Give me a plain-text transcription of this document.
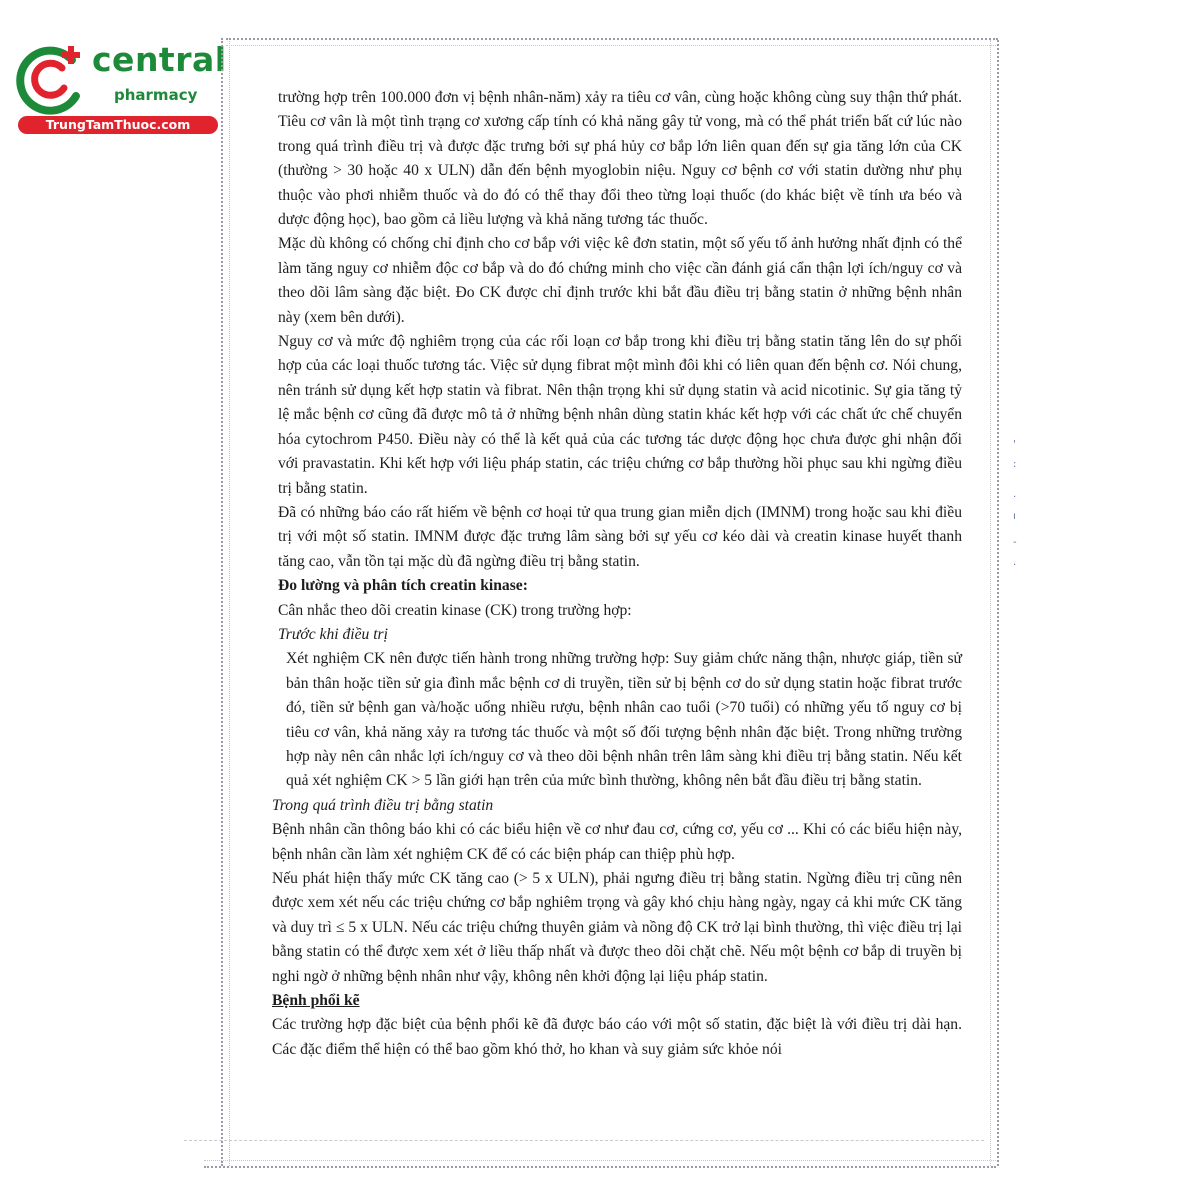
central
pharmacy
TrungTamThuoc.com
'
:
.
ı
-
.

trường hợp trên 100.000 đơn vị bệnh nhân-năm) xảy ra tiêu cơ vân, cùng hoặc không cùng suy thận thứ phát. Tiêu cơ vân là một tình trạng cơ xương cấp tính có khả năng gây tử vong, mà có thể phát triển bất cứ lúc nào trong quá trình điều trị và được đặc trưng bởi sự phá hủy cơ bắp lớn liên quan đến sự gia tăng lớn của CK (thường > 30 hoặc 40 x ULN) dẫn đến bệnh myoglobin niệu. Nguy cơ bệnh cơ với statin dường như phụ thuộc vào phơi nhiễm thuốc và do đó có thể thay đổi theo từng loại thuốc (do khác biệt về tính ưa béo và dược động học), bao gồm cả liều lượng và khả năng tương tác thuốc.

Mặc dù không có chống chỉ định cho cơ bắp với việc kê đơn statin, một số yếu tố ảnh hưởng nhất định có thể làm tăng nguy cơ nhiễm độc cơ bắp và do đó chứng minh cho việc cần đánh giá cẩn thận lợi ích/nguy cơ và theo dõi lâm sàng đặc biệt. Đo CK được chỉ định trước khi bắt đầu điều trị bằng statin ở những bệnh nhân này (xem bên dưới).

Nguy cơ và mức độ nghiêm trọng của các rối loạn cơ bắp trong khi điều trị bằng statin tăng lên do sự phối hợp của các loại thuốc tương tác. Việc sử dụng fibrat một mình đôi khi có liên quan đến bệnh cơ. Nói chung, nên tránh sử dụng kết hợp statin và fibrat. Nên thận trọng khi sử dụng statin và acid nicotinic. Sự gia tăng tỷ lệ mắc bệnh cơ cũng đã được mô tả ở những bệnh nhân dùng statin khác kết hợp với các chất ức chế chuyển hóa cytochrom P450. Điều này có thể là kết quả của các tương tác dược động học chưa được ghi nhận đối với pravastatin. Khi kết hợp với liệu pháp statin, các triệu chứng cơ bắp thường hồi phục sau khi ngừng điều trị bằng statin.

Đã có những báo cáo rất hiếm về bệnh cơ hoại tử qua trung gian miễn dịch (IMNM) trong hoặc sau khi điều trị với một số statin. IMNM được đặc trưng lâm sàng bởi sự yếu cơ kéo dài và creatin kinase huyết thanh tăng cao, vẫn tồn tại mặc dù đã ngừng điều trị bằng statin.

Đo lường và phân tích creatin kinase:

Cân nhắc theo dõi creatin kinase (CK) trong trường hợp:

Trước khi điều trị

Xét nghiệm CK nên được tiến hành trong những trường hợp: Suy giảm chức năng thận, nhược giáp, tiền sử bản thân hoặc tiền sử gia đình mắc bệnh cơ di truyền, tiền sử bị bệnh cơ do sử dụng statin hoặc fibrat trước đó, tiền sử bệnh gan và/hoặc uống nhiều rượu, bệnh nhân cao tuổi (>70 tuổi) có những yếu tố nguy cơ bị tiêu cơ vân, khả năng xảy ra tương tác thuốc và một số đối tượng bệnh nhân đặc biệt. Trong những trường hợp này nên cân nhắc lợi ích/nguy cơ và theo dõi bệnh nhân trên lâm sàng khi điều trị bằng statin. Nếu kết quả xét nghiệm CK > 5 lần giới hạn trên của mức bình thường, không nên bắt đầu điều trị bằng statin.

Trong quá trình điều trị bằng statin

Bệnh nhân cần thông báo khi có các biểu hiện về cơ như đau cơ, cứng cơ, yếu cơ ... Khi có các biểu hiện này, bệnh nhân cần làm xét nghiệm CK để có các biện pháp can thiệp phù hợp.

Nếu phát hiện thấy mức CK tăng cao (> 5 x ULN), phải ngưng điều trị bằng statin. Ngừng điều trị cũng nên được xem xét nếu các triệu chứng cơ bắp nghiêm trọng và gây khó chịu hàng ngày, ngay cả khi mức CK tăng và duy trì ≤ 5 x ULN. Nếu các triệu chứng thuyên giảm và nồng độ CK trở lại bình thường, thì việc điều trị lại bằng statin có thể được xem xét ở liều thấp nhất và được theo dõi chặt chẽ. Nếu một bệnh cơ bắp di truyền bị nghi ngờ ở những bệnh nhân như vậy, không nên khởi động lại liệu pháp statin.

Bệnh phổi kẽ

Các trường hợp đặc biệt của bệnh phổi kẽ đã được báo cáo với một số statin, đặc biệt là với điều trị dài hạn. Các đặc điểm thể hiện có thể bao gồm khó thở, ho khan và suy giảm sức khỏe nói
